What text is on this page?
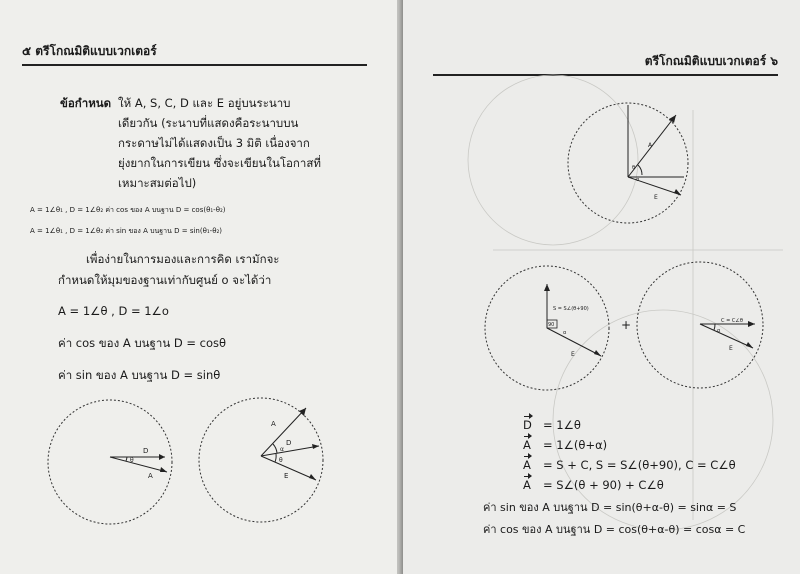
๕ ตรีโกณมิติแบบเวกเตอร์
ข้อกำหนด ให้ A, S, C, D และ E อยู่บนระนาบ
เดียวกัน (ระนาบที่แสดงคือระนาบบน
กระดาษไม่ได้แสดงเป็น 3 มิติ เนื่องจาก
ยุ่งยากในการเขียน ซึ่งจะเขียนในโอกาสที่
เหมาะสมต่อไป)
A = 1∠θ₁ , D = 1∠θ₂ ค่า cos ของ A บนฐาน D = cos(θ₁-θ₂)
A = 1∠θ₁ , D = 1∠θ₂ ค่า sin ของ A บนฐาน D = sin(θ₁-θ₂)
เพื่อง่ายในการมองและการคิด เรามักจะ
กำหนดให้มุมของฐานเท่ากับศูนย์ o จะได้ว่า
A = 1∠θ , D = 1∠o
ค่า cos ของ A บนฐาน D = cosθ
ค่า sin ของ A บนฐาน D = sinθ
D
A
θ
A
D
E
α
θ
ตรีโกณมิติแบบเวกเตอร์ ๖
A
θ
α
E
S = S∠(θ+90)
90
α
E
+	C = C∠θ
α
E
D = 1∠θ
A = 1∠(θ+α)
A = S + C, S = S∠(θ+90), C = C∠θ
A = S∠(θ + 90) + C∠θ
ค่า sin ของ A บนฐาน D = sin(θ+α-θ) = sinα = S
ค่า cos ของ A บนฐาน D = cos(θ+α-θ) = cosα = C
